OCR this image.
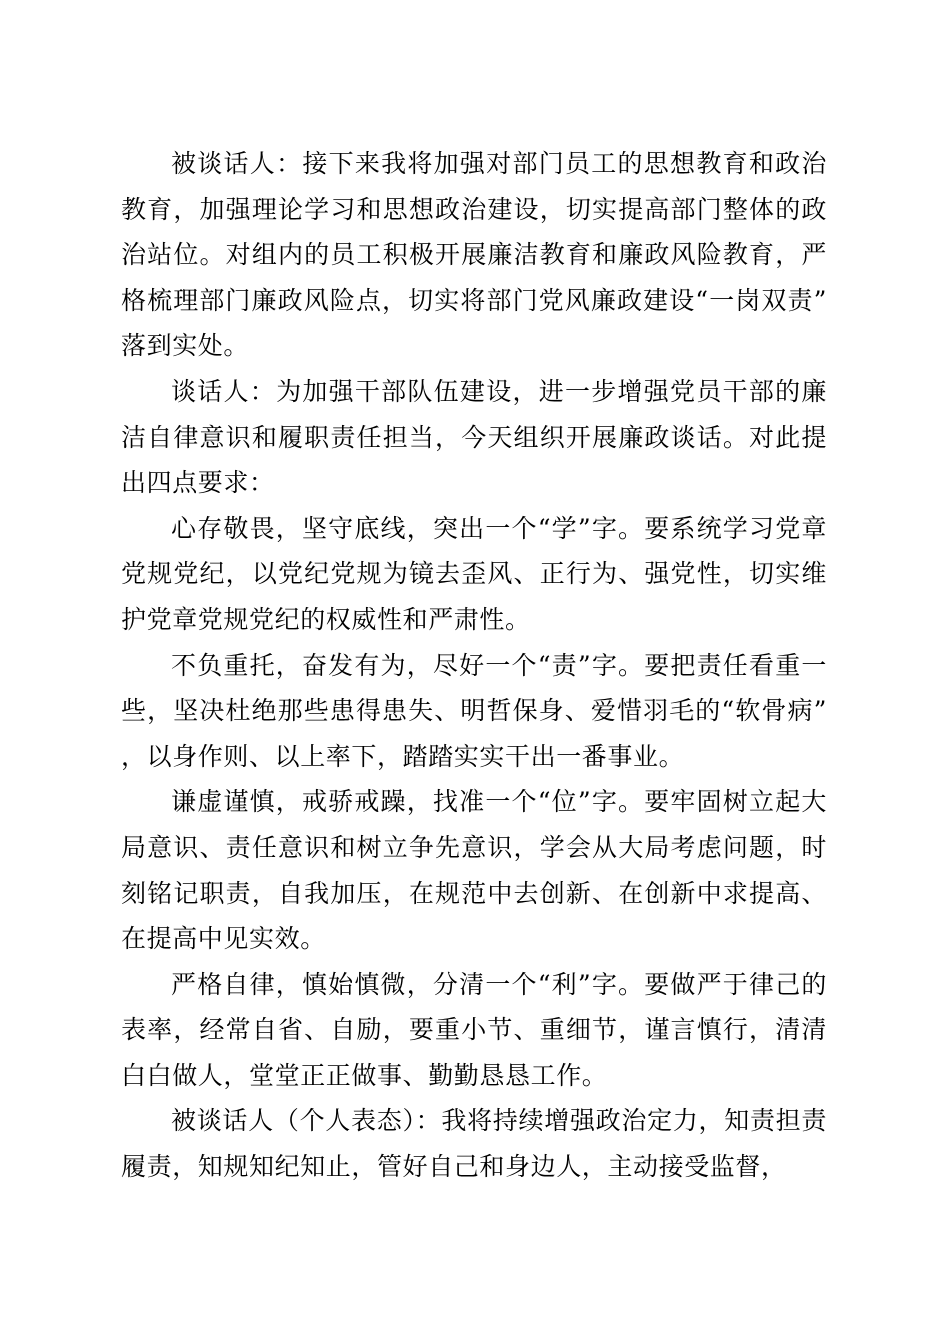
被谈话人：接下来我将加强对部门员工的思想教育和政治教育，加强理论学习和思想政治建设，切实提高部门整体的政治站位。对组内的员工积极开展廉洁教育和廉政风险教育，严格梳理部门廉政风险点，切实将部门党风廉政建设“一岗双责”落到实处。

谈话人：为加强干部队伍建设，进一步增强党员干部的廉洁自律意识和履职责任担当，今天组织开展廉政谈话。对此提出四点要求：

心存敬畏，坚守底线，突出一个“学”字。要系统学习党章党规党纪，以党纪党规为镜去歪风、正行为、强党性，切实维护党章党规党纪的权威性和严肃性。

不负重托，奋发有为，尽好一个“责”字。要把责任看重一些，坚决杜绝那些患得患失、明哲保身、爱惜羽毛的“软骨病”，以身作则、以上率下，踏踏实实干出一番事业。

谦虚谨慎，戒骄戒躁，找准一个“位”字。要牢固树立起大局意识、责任意识和树立争先意识，学会从大局考虑问题，时刻铭记职责，自我加压，在规范中去创新、在创新中求提高、在提高中见实效。

严格自律，慎始慎微，分清一个“利”字。要做严于律己的表率，经常自省、自励，要重小节、重细节，谨言慎行，清清白白做人，堂堂正正做事、勤勤恳恳工作。

被谈话人（个人表态）：我将持续增强政治定力，知责担责履责，知规知纪知止，管好自己和身边人，主动接受监督，
